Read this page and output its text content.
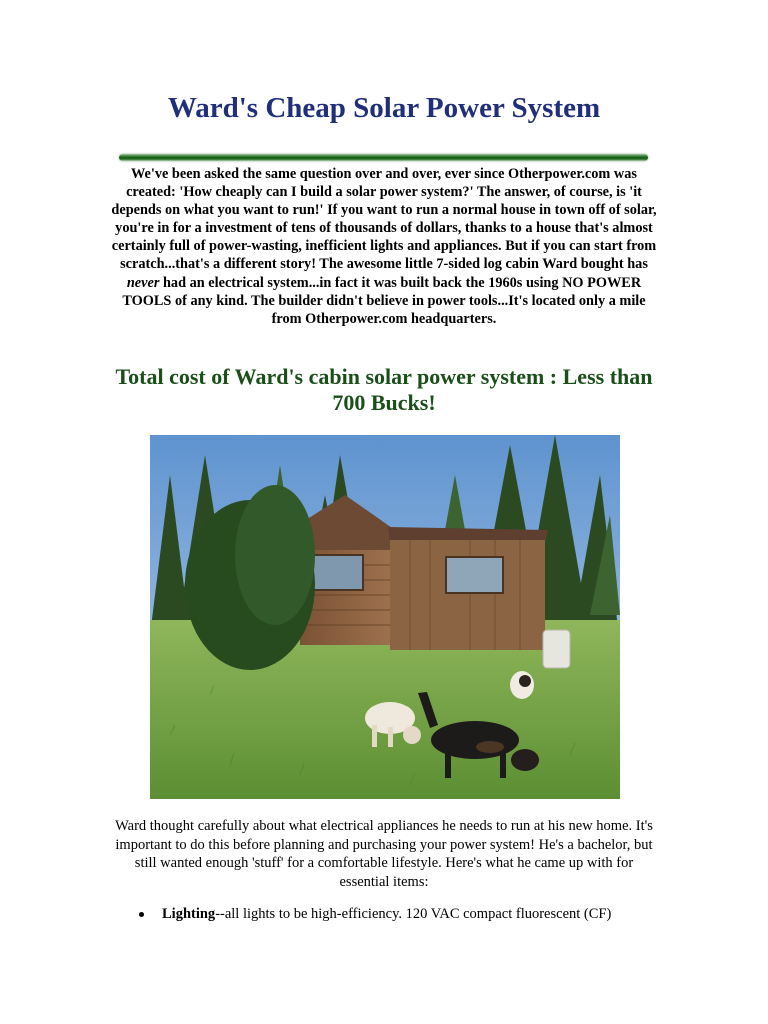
Ward's Cheap Solar Power System

We've been asked the same question over and over, ever since Otherpower.com was created: 'How cheaply can I build a solar power system?' The answer, of course, is 'it depends on what you want to run!' If you want to run a normal house in town off of solar, you're in for a investment of tens of thousands of dollars, thanks to a house that's almost certainly full of power-wasting, inefficient lights and appliances. But if you can start from scratch...that's a different story! The awesome little 7-sided log cabin Ward bought has never had an electrical system...in fact it was built back the 1960s using NO POWER TOOLS of any kind. The builder didn't believe in power tools...It's located only a mile from Otherpower.com headquarters.

Total cost of Ward's cabin solar power system : Less than 700 Bucks!

Ward thought carefully about what electrical appliances he needs to run at his new home. It's important to do this before planning and purchasing your power system! He's a bachelor, but still wanted enough 'stuff' for a comfortable lifestyle. Here's what he came up with for essential items:

Lighting--all lights to be high-efficiency. 120 VAC compact fluorescent (CF)
